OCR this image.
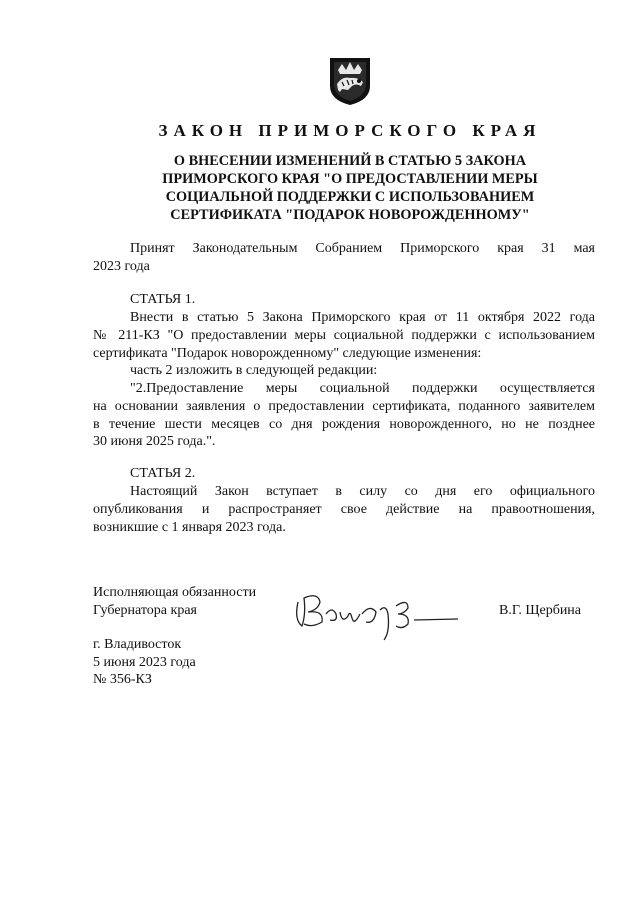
ЗАКОН ПРИМОРСКОГО КРАЯ
О ВНЕСЕНИИ ИЗМЕНЕНИЙ В СТАТЬЮ 5 ЗАКОНА
ПРИМОРСКОГО КРАЯ "О ПРЕДОСТАВЛЕНИИ МЕРЫ
СОЦИАЛЬНОЙ ПОДДЕРЖКИ С ИСПОЛЬЗОВАНИЕМ
СЕРТИФИКАТА "ПОДАРОК НОВОРОЖДЕННОМУ"

Принят Законодательным Собранием Приморского края 31 мая

2023 года

СТАТЬЯ 1.

Внести в статью 5 Закона Приморского края от 11 октября 2022 года

№ 211-КЗ "О предоставлении меры социальной поддержки с использованием

сертификата "Подарок новорожденному" следующие изменения:

часть 2 изложить в следующей редакции:

"2.Предоставление меры социальной поддержки осуществляется

на основании заявления о предоставлении сертификата, поданного заявителем

в течение шести месяцев со дня рождения новорожденного, но не позднее

30 июня 2025 года.".

СТАТЬЯ 2.

Настоящий Закон вступает в силу со дня его официального

опубликования и распространяет свое действие на правоотношения,

возникшие с 1 января 2023 года.

Исполняющая обязанности

Губернатора края	В.Г. Щербина

г. Владивосток

5 июня 2023 года

№ 356-КЗ
